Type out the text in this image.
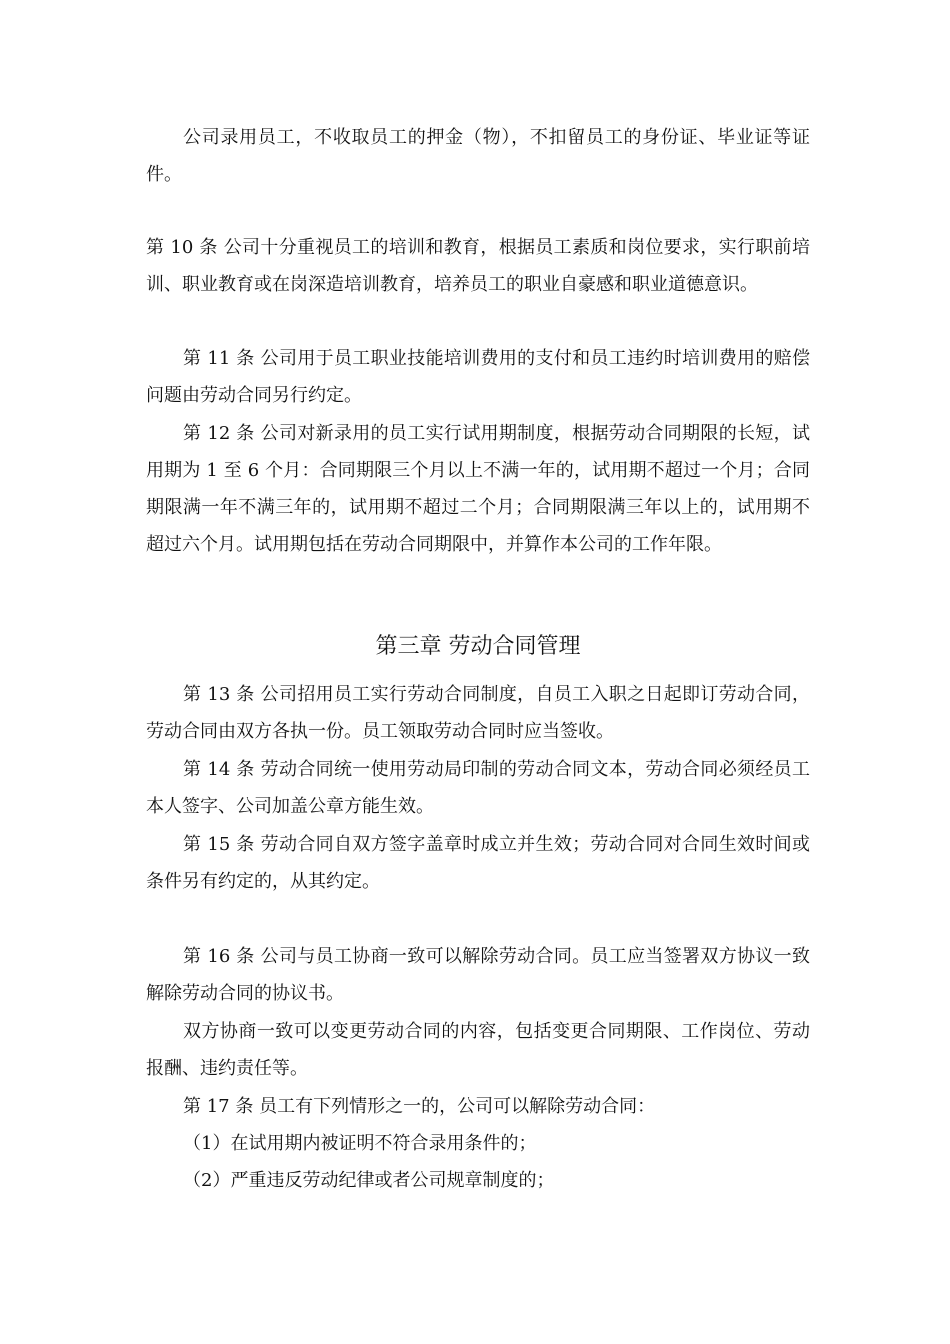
公司录用员工，不收取员工的押金（物），不扣留员工的身份证、毕业证等证件。

第 10 条 公司十分重视员工的培训和教育，根据员工素质和岗位要求，实行职前培训、职业教育或在岗深造培训教育，培养员工的职业自豪感和职业道德意识。

第 11 条 公司用于员工职业技能培训费用的支付和员工违约时培训费用的赔偿问题由劳动合同另行约定。

第 12 条 公司对新录用的员工实行试用期制度，根据劳动合同期限的长短，试用期为 1 至 6 个月：合同期限三个月以上不满一年的，试用期不超过一个月；合同期限满一年不满三年的，试用期不超过二个月；合同期限满三年以上的，试用期不超过六个月。试用期包括在劳动合同期限中，并算作本公司的工作年限。

第三章 劳动合同管理

第 13 条 公司招用员工实行劳动合同制度，自员工入职之日起即订劳动合同，劳动合同由双方各执一份。员工领取劳动合同时应当签收。

第 14 条 劳动合同统一使用劳动局印制的劳动合同文本，劳动合同必须经员工本人签字、公司加盖公章方能生效。

第 15 条 劳动合同自双方签字盖章时成立并生效；劳动合同对合同生效时间或条件另有约定的，从其约定。

第 16 条 公司与员工协商一致可以解除劳动合同。员工应当签署双方协议一致解除劳动合同的协议书。

双方协商一致可以变更劳动合同的内容，包括变更合同期限、工作岗位、劳动报酬、违约责任等。

第 17 条 员工有下列情形之一的，公司可以解除劳动合同：

（1）在试用期内被证明不符合录用条件的；

（2）严重违反劳动纪律或者公司规章制度的；
